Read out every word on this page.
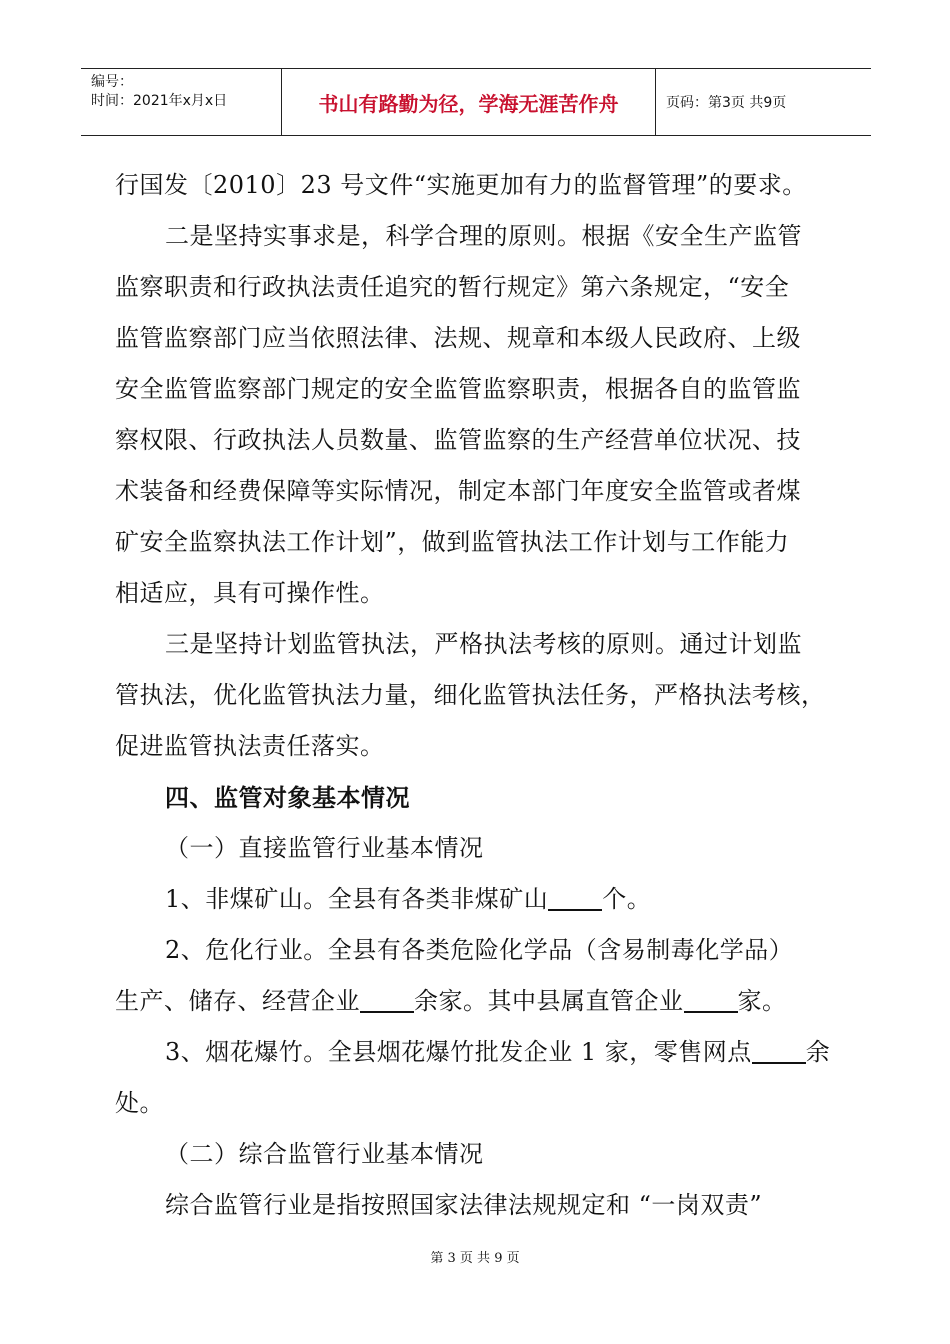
编号：
时间：2021年x月x日	书山有路勤为径，学海无涯苦作舟	页码：第3页 共9页
行国发〔2010〕23 号文件“实施更加有力的监督管理”的要求。
二是坚持实事求是，科学合理的原则。根据《安全生产监管
监察职责和行政执法责任追究的暂行规定》第六条规定，“安全
监管监察部门应当依照法律、法规、规章和本级人民政府、上级
安全监管监察部门规定的安全监管监察职责，根据各自的监管监
察权限、行政执法人员数量、监管监察的生产经营单位状况、技
术装备和经费保障等实际情况，制定本部门年度安全监管或者煤
矿安全监察执法工作计划”，做到监管执法工作计划与工作能力
相适应，具有可操作性。
三是坚持计划监管执法，严格执法考核的原则。通过计划监
管执法，优化监管执法力量，细化监管执法任务，严格执法考核，
促进监管执法责任落实。
四、监管对象基本情况
（一）直接监管行业基本情况
1、非煤矿山。全县有各类非煤矿山 个。
2、危化行业。全县有各类危险化学品（含易制毒化学品）
生产、储存、经营企业 余家。其中县属直管企业 家。
3、烟花爆竹。全县烟花爆竹批发企业 1 家，零售网点 余
处。
（二）综合监管行业基本情况
综合监管行业是指按照国家法律法规规定和 “一岗双责”
第 3 页 共 9 页
